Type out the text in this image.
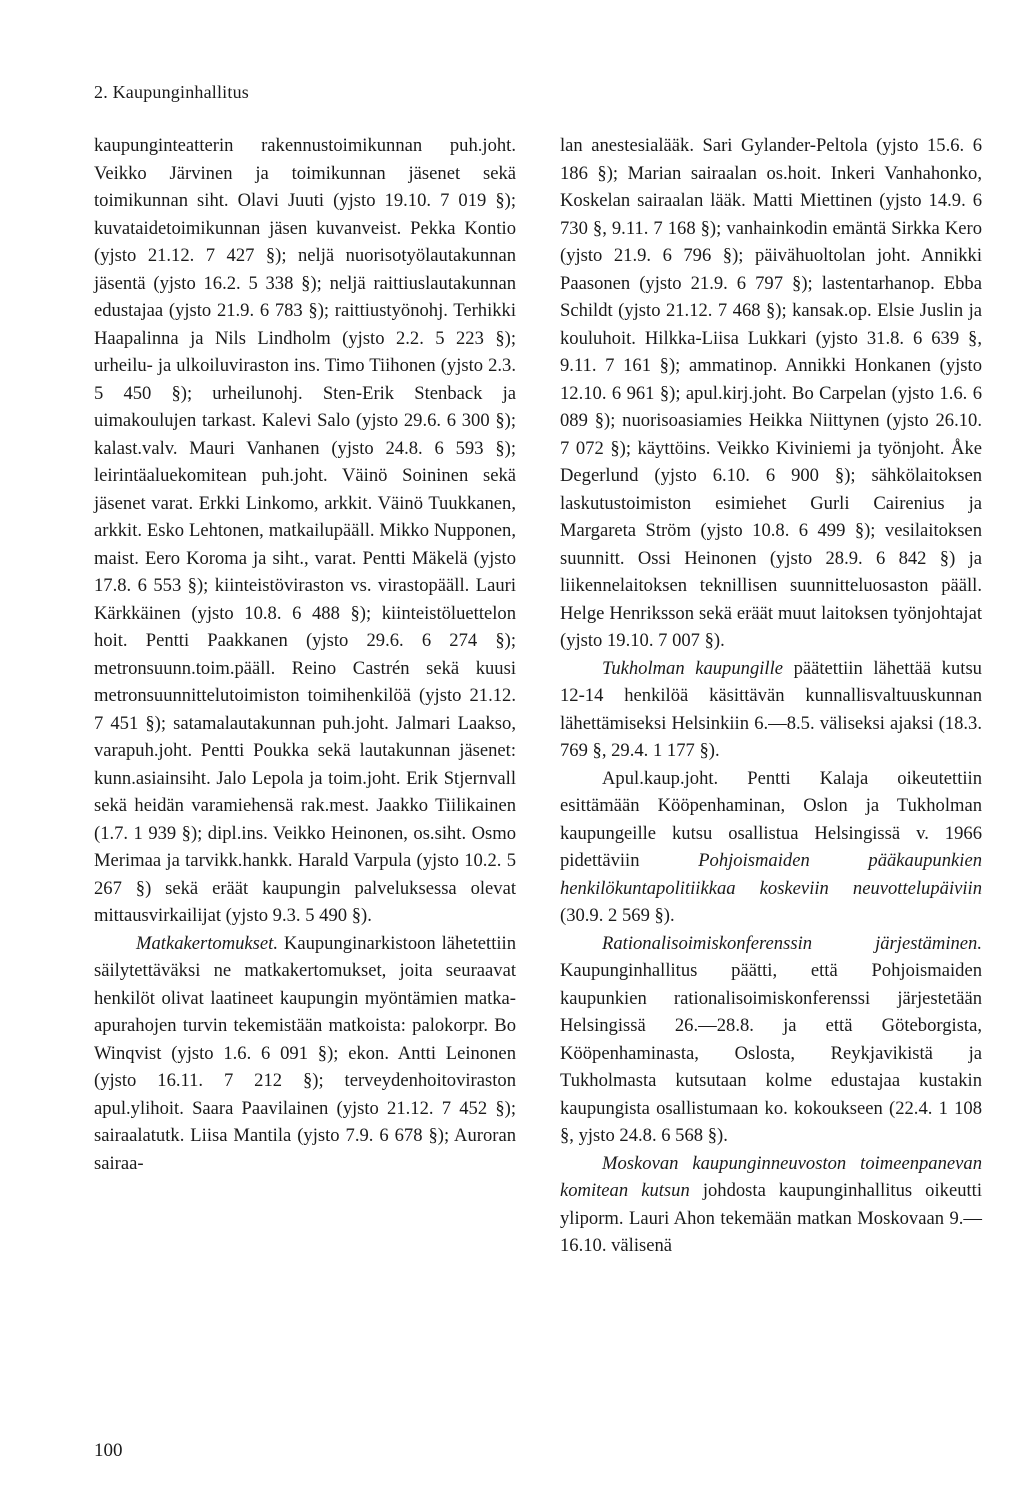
2. Kaupunginhallitus

kaupunginteatterin rakennustoimikunnan puh.joht. Veikko Järvinen ja toimikunnan jäsenet sekä toimikunnan siht. Olavi Juuti (yjsto 19.10. 7 019 §); kuvataidetoimikunnan jäsen kuvanveist. Pekka Kontio (yjsto 21.12. 7 427 §); neljä nuorisotyölautakunnan jäsentä (yjsto 16.2. 5 338 §); neljä raittiuslautakunnan edustajaa (yjsto 21.9. 6 783 §); raittiustyönohj. Terhikki Haapalinna ja Nils Lindholm (yjsto 2.2. 5 223 §); urheilu- ja ulkoiluviraston ins. Timo Tiihonen (yjsto 2.3. 5 450 §); urheilunohj. Sten-Erik Stenback ja uimakoulujen tarkast. Kalevi Salo (yjsto 29.6. 6 300 §); kalast.valv. Mauri Vanhanen (yjsto 24.8. 6 593 §); leirintäaluekomitean puh.joht. Väinö Soininen sekä jäsenet varat. Erkki Linkomo, arkkit. Väinö Tuukkanen, arkkit. Esko Lehtonen, matkailupääll. Mikko Nupponen, maist. Eero Koroma ja siht., varat. Pentti Mäkelä (yjsto 17.8. 6 553 §); kiinteistöviraston vs. virastopääll. Lauri Kärkkäinen (yjsto 10.8. 6 488 §); kiinteistöluettelon hoit. Pentti Paakkanen (yjsto 29.6. 6 274 §); metronsuunn.toim.pääll. Reino Castrén sekä kuusi metronsuunnittelutoimiston toimihenkilöä (yjsto 21.12. 7 451 §); satamalautakunnan puh.joht. Jalmari Laakso, varapuh.joht. Pentti Poukka sekä lautakunnan jäsenet: kunn.asiainsiht. Jalo Lepola ja toim.joht. Erik Stjernvall sekä heidän varamiehensä rak.mest. Jaakko Tiilikainen (1.7. 1 939 §); dipl.ins. Veikko Heinonen, os.siht. Osmo Merimaa ja tarvikk.hankk. Harald Varpula (yjsto 10.2. 5 267 §) sekä eräät kaupungin palveluksessa olevat mittausvirkailijat (yjsto 9.3. 5 490 §).

Matkakertomukset. Kaupunginarkistoon lähetettiin säilytettäväksi ne matkakertomukset, joita seuraavat henkilöt olivat laatineet kaupungin myöntämien matka-apurahojen turvin tekemistään matkoista: palokorpr. Bo Winqvist (yjsto 1.6. 6 091 §); ekon. Antti Leinonen (yjsto 16.11. 7 212 §); terveydenhoitoviraston apul.ylihoit. Saara Paavilainen (yjsto 21.12. 7 452 §); sairaalatutk. Liisa Mantila (yjsto 7.9. 6 678 §); Auroran sairaa-

lan anestesialääk. Sari Gylander-Peltola (yjsto 15.6. 6 186 §); Marian sairaalan os.hoit. Inkeri Vanhahonko, Koskelan sairaalan lääk. Matti Miettinen (yjsto 14.9. 6 730 §, 9.11. 7 168 §); vanhainkodin emäntä Sirkka Kero (yjsto 21.9. 6 796 §); päivähuoltolan joht. Annikki Paasonen (yjsto 21.9. 6 797 §); lastentarhanop. Ebba Schildt (yjsto 21.12. 7 468 §); kansak.op. Elsie Juslin ja kouluhoit. Hilkka-Liisa Lukkari (yjsto 31.8. 6 639 §, 9.11. 7 161 §); ammatinop. Annikki Honkanen (yjsto 12.10. 6 961 §); apul.kirj.joht. Bo Carpelan (yjsto 1.6. 6 089 §); nuorisoasiamies Heikka Niittynen (yjsto 26.10. 7 072 §); käyttöins. Veikko Kiviniemi ja työnjoht. Åke Degerlund (yjsto 6.10. 6 900 §); sähkölaitoksen laskutustoimiston esimiehet Gurli Cairenius ja Margareta Ström (yjsto 10.8. 6 499 §); vesilaitoksen suunnitt. Ossi Heinonen (yjsto 28.9. 6 842 §) ja liikennelaitoksen teknillisen suunnitteluosaston pääll. Helge Henriksson sekä eräät muut laitoksen työnjohtajat (yjsto 19.10. 7 007 §).

Tukholman kaupungille päätettiin lähettää kutsu 12-14 henkilöä käsittävän kunnallisvaltuuskunnan lähettämiseksi Helsinkiin 6.—8.5. väliseksi ajaksi (18.3. 769 §, 29.4. 1 177 §).

Apul.kaup.joht. Pentti Kalaja oikeutettiin esittämään Kööpenhaminan, Oslon ja Tukholman kaupungeille kutsu osallistua Helsingissä v. 1966 pidettäviin Pohjoismaiden pääkaupunkien henkilökuntapolitiikkaa koskeviin neuvottelupäiviin (30.9. 2 569 §).

Rationalisoimiskonferenssin järjestäminen. Kaupunginhallitus päätti, että Pohjoismaiden kaupunkien rationalisoimiskonferenssi järjestetään Helsingissä 26.—28.8. ja että Göteborgista, Kööpenhaminasta, Oslosta, Reykjavikistä ja Tukholmasta kutsutaan kolme edustajaa kustakin kaupungista osallistumaan ko. kokoukseen (22.4. 1 108 §, yjsto 24.8. 6 568 §).

Moskovan kaupunginneuvoston toimeenpanevan komitean kutsun johdosta kaupunginhallitus oikeutti yliporm. Lauri Ahon tekemään matkan Moskovaan 9.—16.10. välisenä

100
